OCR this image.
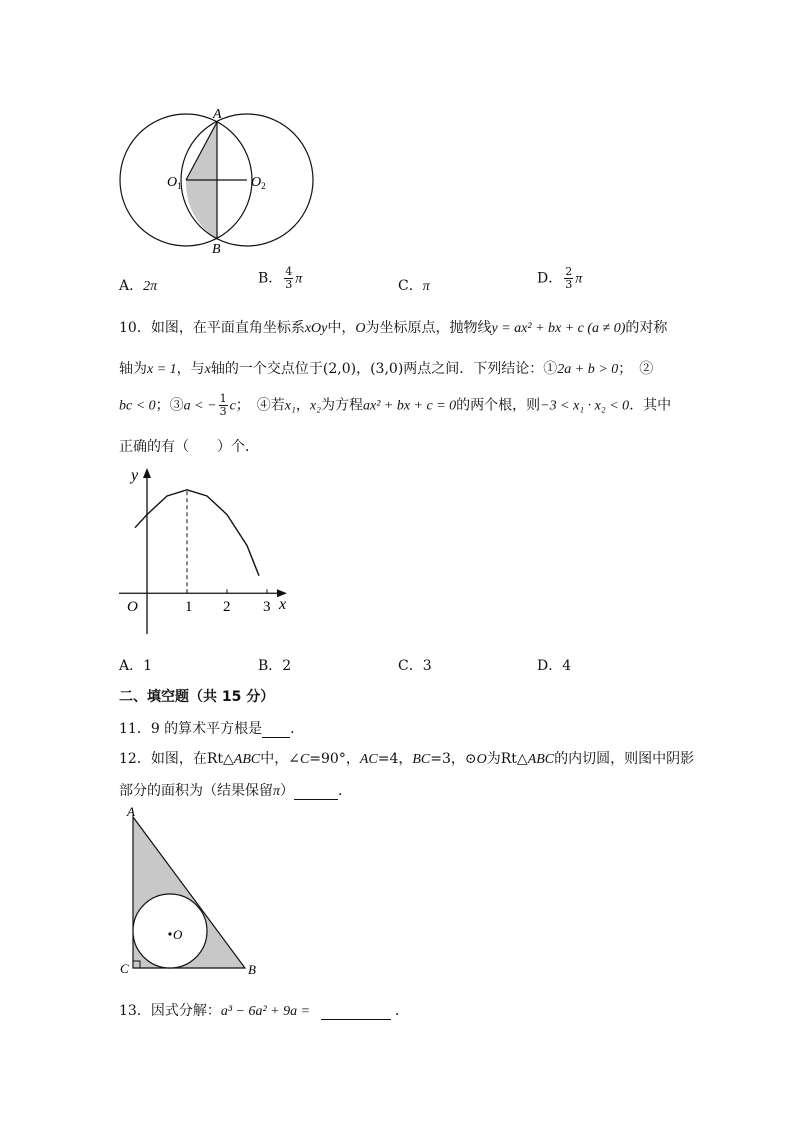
A
B
$O_1$	$O_2$
A．2π	B． $\frac{4}{3}$ π	C．π	D． $\frac{2}{3}$ π
10．如图，在平面直角坐标系xOy中，O为坐标原点，抛物线y = ax² + bx + c (a ≠ 0)的对称
轴为x = 1，与x轴的一个交点位于(2,0)，(3,0)两点之间．下列结论：①2a + b > 0；　②
bc < 0；③a < − $\frac{1}{3}$ c；　④若x₁，x₂为方程ax² + bx + c = 0的两个根，则−3 < x₁ · x₂ < 0．其中
正确的有（　　）个．
1 2 3 x
y
O
A．1	B．2	C．3	D．4
二、填空题（共 15 分）
11．9 的算术平方根是 ．
12．如图，在Rt△ABC中，∠C=90°，AC=4，BC=3，⊙O为Rt△ABC的内切圆，则图中阴影
部分的面积为（结果保留π）	．
A
C	B
O
13．因式分解：a³ − 6a² + 9a =	．
